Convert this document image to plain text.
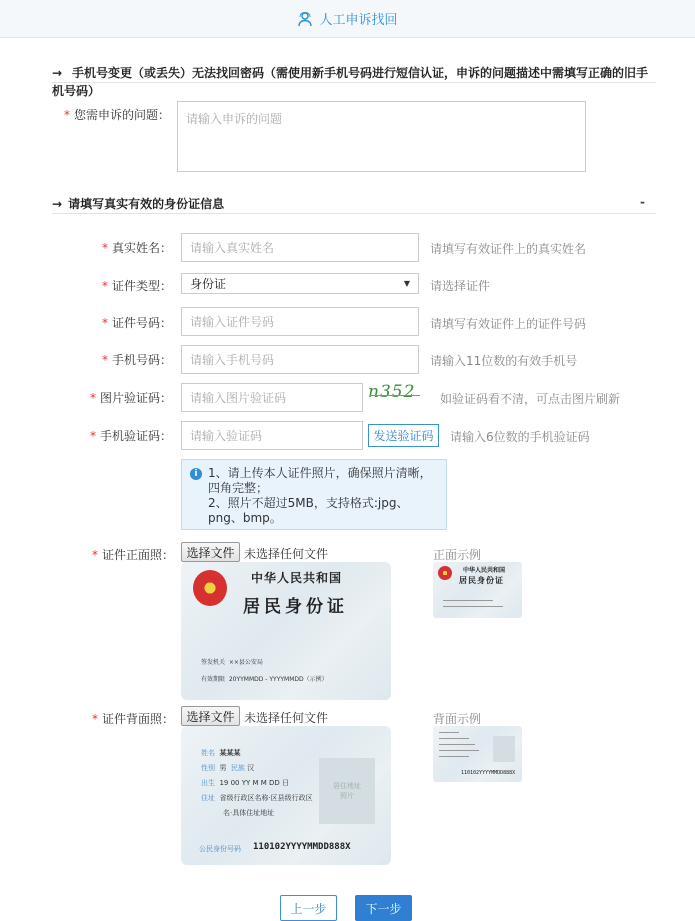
人工申诉找回
→ 手机号变更（或丢失）无法找回密码（需使用新手机号码进行短信认证，申诉的问题描述中需填写正确的旧手
机号码）
* 您需申诉的问题： 请输入申诉的问题
→ 请填写真实有效的身份证信息	-
* 真实姓名： 请输入真实姓名	请填写有效证件上的真实姓名
* 证件类型： 身份证	▼ 请选择证件
* 证件号码： 请输入证件号码	请填写有效证件上的证件号码
* 手机号码： 请输入手机号码	请输入11位数的有效手机号
* 图片验证码： 请输入图片验证码	n352	如验证码看不清，可点击图片刷新
* 手机验证码： 请输入验证码	发送验证码	请输入6位数的手机验证码
i 1、请上传本人证件照片，确保照片清晰，四角完整；
2、照片不超过5MB，支持格式:jpg、png、bmp。
* 证件正面照：	选择文件 未选择任何文件	正面示例
中华人民共和国
居民身份证
签发机关 ××县公安局
有效期限 20YYMMDD - YYYYMMDD（示例）
中华人民共和国
居民身份证
* 证件背面照：	选择文件 未选择任何文件	背面示例
姓名 某某某
性别 男 民族 汉
出生 19 00 YY M M DD 日
住址 省级行政区名称·区县级行政区
名·具体住址地址
居住地址
照片
公民身份号码 110102YYYYMMDD888X
110102YYYYMMDD888X
上一步	下一步
